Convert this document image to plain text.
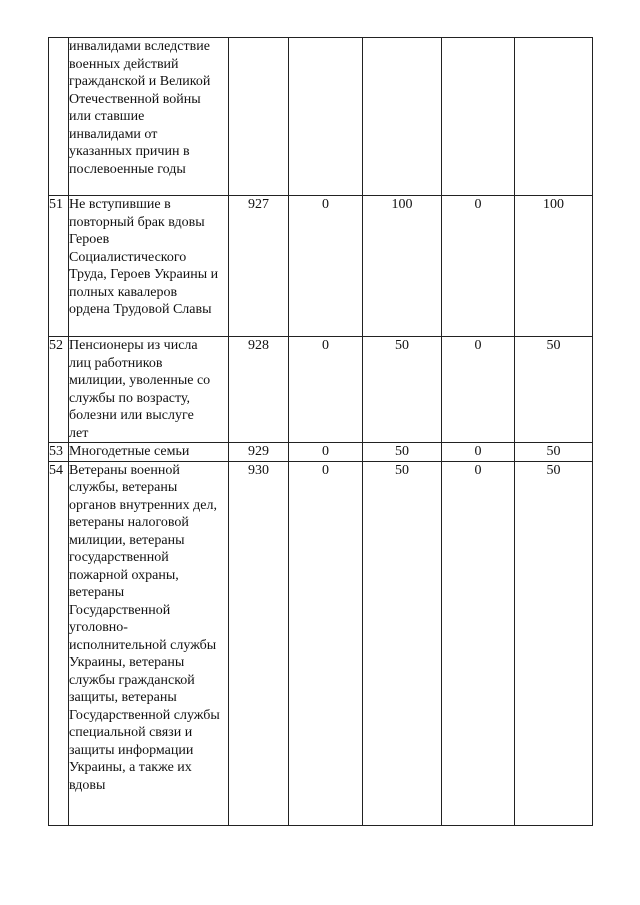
	инвалидами вследствие военных действий гражданской и Великой Отечественной войны или ставшие инвалидами от указанных причин в послевоенные годы					

51	Не вступившие в повторный брак вдовы Героев Социалистического Труда, Героев Украины и полных кавалеров ордена Трудовой Славы	927	0	100	0	100
52	Пенсионеры из числа лиц работников милиции, уволенные со службы по возрасту, болезни или выслуге лет	928	0	50	0	50
53	Многодетные семьи	929	0	50	0	50
54	Ветераны военной службы, ветераны органов внутренних дел, ветераны налоговой милиции, ветераны государственной пожарной охраны, ветераны Государственной уголовно-исполнительной службы Украины, ветераны службы гражданской защиты, ветераны Государственной службы специальной связи и защиты информации Украины, а также их вдовы	930	0	50	0	50
